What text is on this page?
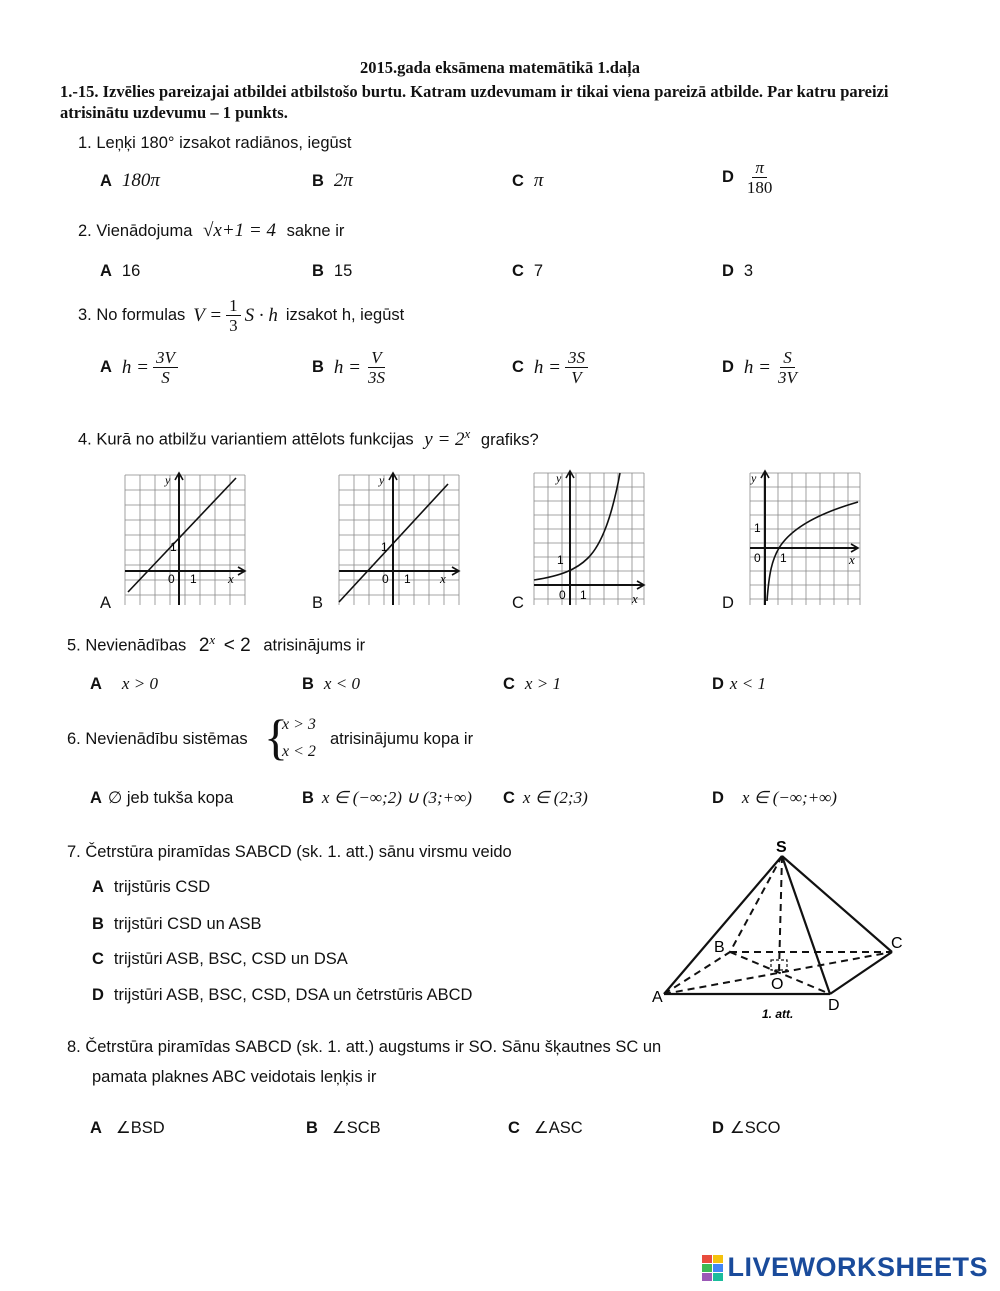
2015.gada eksāmena matemātikā 1.daļa
1.-15. Izvēlies pareizajai atbildei atbilstošo burtu. Katram uzdevumam ir tikai viena pareizā atbilde. Par katru pareizi atrisinātu uzdevumu – 1 punkts.
1. Leņķi 180° izsakot radiānos, iegūst
A 180π	B 2π	C π	D $\frac{\pi}{180}$
2. Vienādojuma √x+1 = 4 sakne ir
A 16	B 15	C 7	D 3
3. No formulas $V = \frac{1}{3}$ S · h izsakot h, iegūst
A $h = \frac{3V}{S}$	B $h = \frac{V}{3S}$	C $h = \frac{3S}{V}$	D $h = \frac{S}{3V}$
4. Kurā no atbilžu variantiem attēlots funkcijas $y = 2^x$ grafiks?
y
x
0 1
1
A
y
x
0 1
1
B
y
x
0 1
1
C
y
x
0 1
1
D
5. Nevienādības $2^x < 2$ atrisinājums ir
A x > 0	B x < 0	C x > 1	D x < 1
6. Nevienādību sistēmas {
x > 3
x < 2
atrisinājumu kopa ir
A ∅ jeb tukša kopa	B x ∈ (−∞;2) ∪ (3;+∞) C x ∈ (2;3)	D x ∈ (−∞;+∞)
7. Četrstūra piramīdas SABCD (sk. 1. att.) sānu virsmu veido
A trijstūris CSD
B trijstūri CSD un ASB
C trijstūri ASB, BSC, CSD un DSA
D trijstūri ASB, BSC, CSD, DSA un četrstūris ABCD
S
A
B	C
D
O
1. att.
8. Četrstūra piramīdas SABCD (sk. 1. att.) augstums ir SO. Sānu šķautnes SC un
pamata plaknes ABC veidotais leņķis ir
A ∠BSD	B ∠SCB	C ∠ASC	D ∠SCO
LIVEWORKSHEETS
